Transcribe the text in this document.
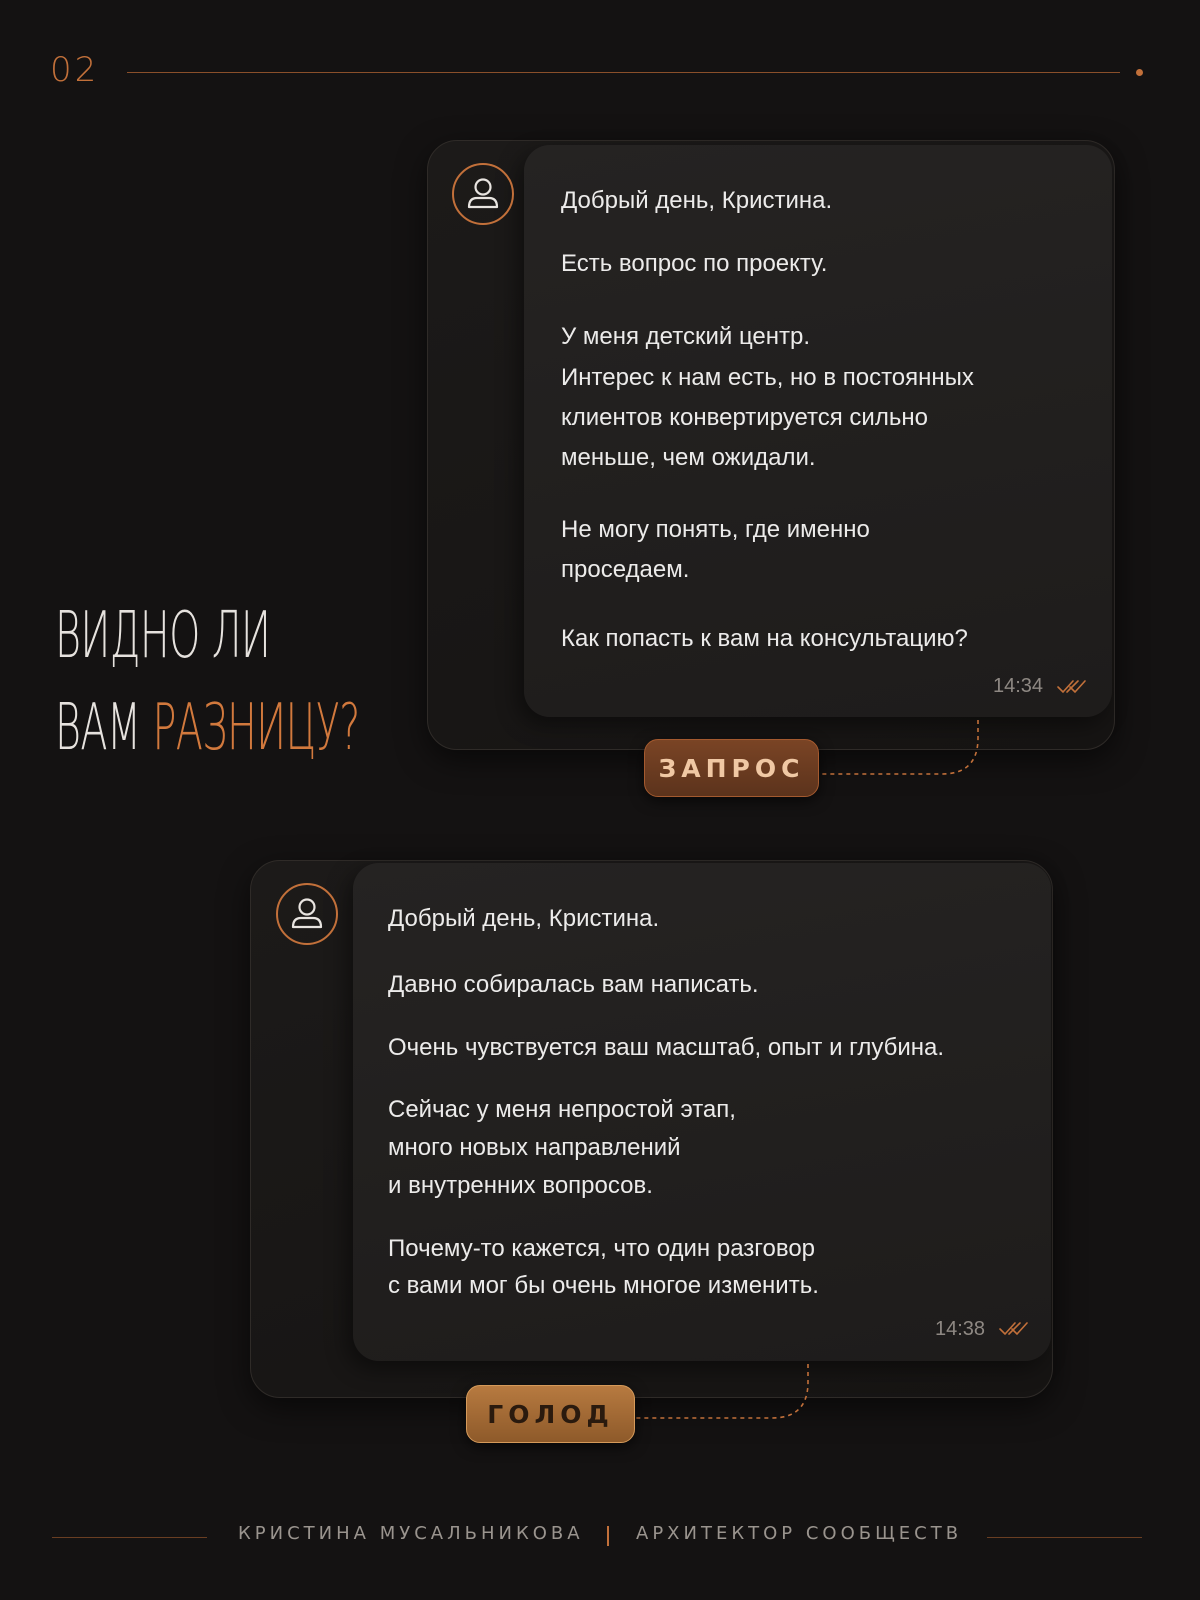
02
ВИДНО ЛИ
ВАМ РАЗНИЦУ?
Добрый день, Кристина.
Есть вопрос по проекту.
У меня детский центр.
Интерес к нам есть, но в постоянных
клиентов конвертируется сильно
меньше, чем ожидали.
Не могу понять, где именно
проседаем.
Как попасть к вам на консультацию?
14:34
ЗАПРОС
Добрый день, Кристина.
Давно собиралась вам написать.
Очень чувствуется ваш масштаб, опыт и глубина.
Сейчас у меня непростой этап,
много новых направлений
и внутренних вопросов.
Почему-то кажется, что один разговор
с вами мог бы очень многое изменить.
14:38
ГОЛОД
КРИСТИНА МУСАЛЬНИКОВА	АРХИТЕКТОР СООБЩЕСТВ
